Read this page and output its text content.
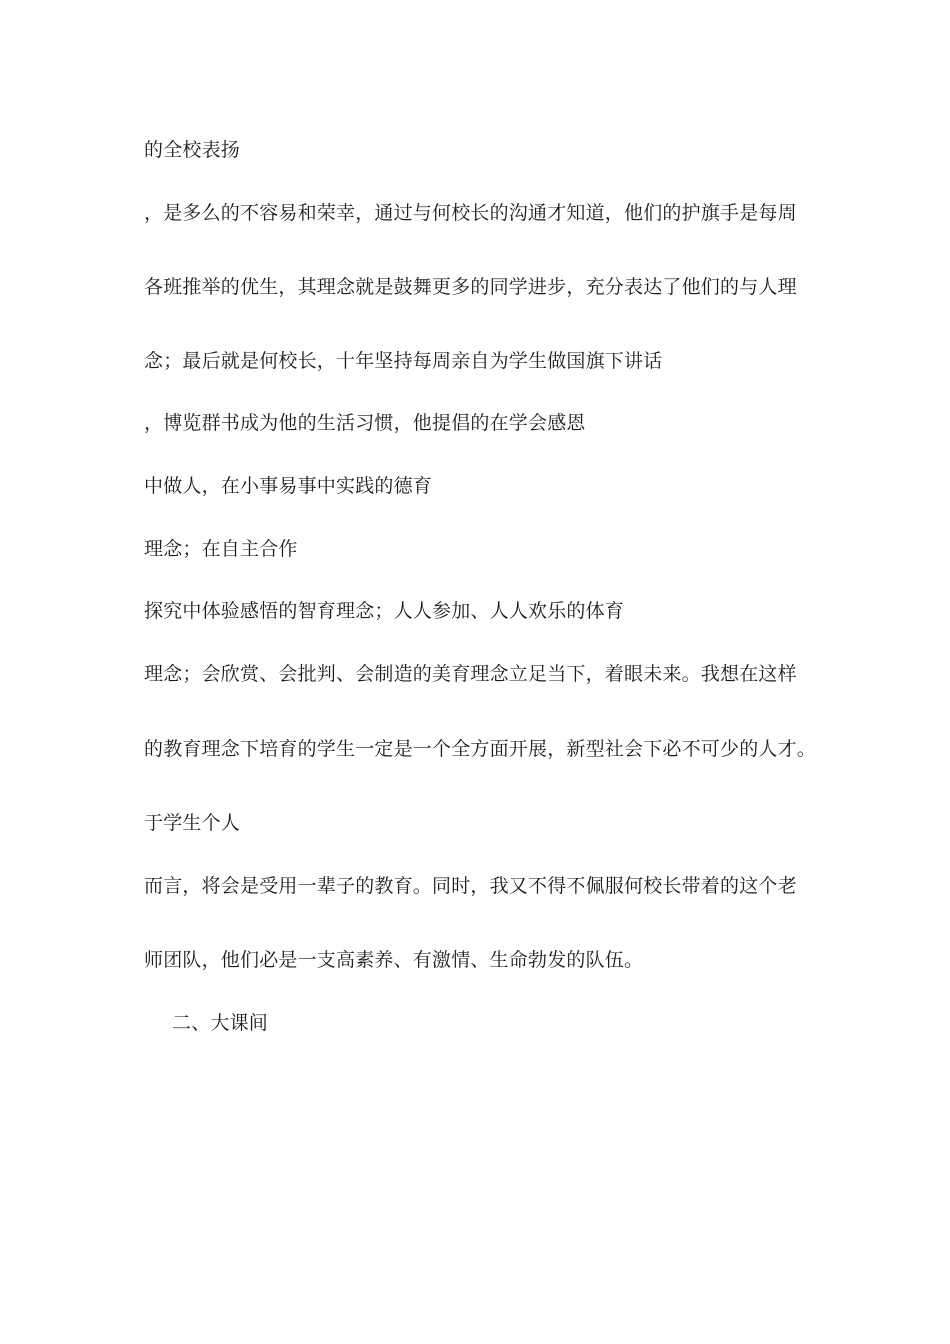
的全校表扬
，是多么的不容易和荣幸，通过与何校长的沟通才知道，他们的护旗手是每周
各班推举的优生，其理念就是鼓舞更多的同学进步，充分表达了他们的与人理
念；最后就是何校长，十年坚持每周亲自为学生做国旗下讲话
，博览群书成为他的生活习惯，他提倡的在学会感恩
中做人，在小事易事中实践的德育
理念；在自主合作
探究中体验感悟的智育理念；人人参加、人人欢乐的体育
理念；会欣赏、会批判、会制造的美育理念立足当下，着眼未来。我想在这样
的教育理念下培育的学生一定是一个全方面开展，新型社会下必不可少的人才。
于学生个人
而言，将会是受用一辈子的教育。同时，我又不得不佩服何校长带着的这个老
师团队，他们必是一支高素养、有激情、生命勃发的队伍。
二、大课间
